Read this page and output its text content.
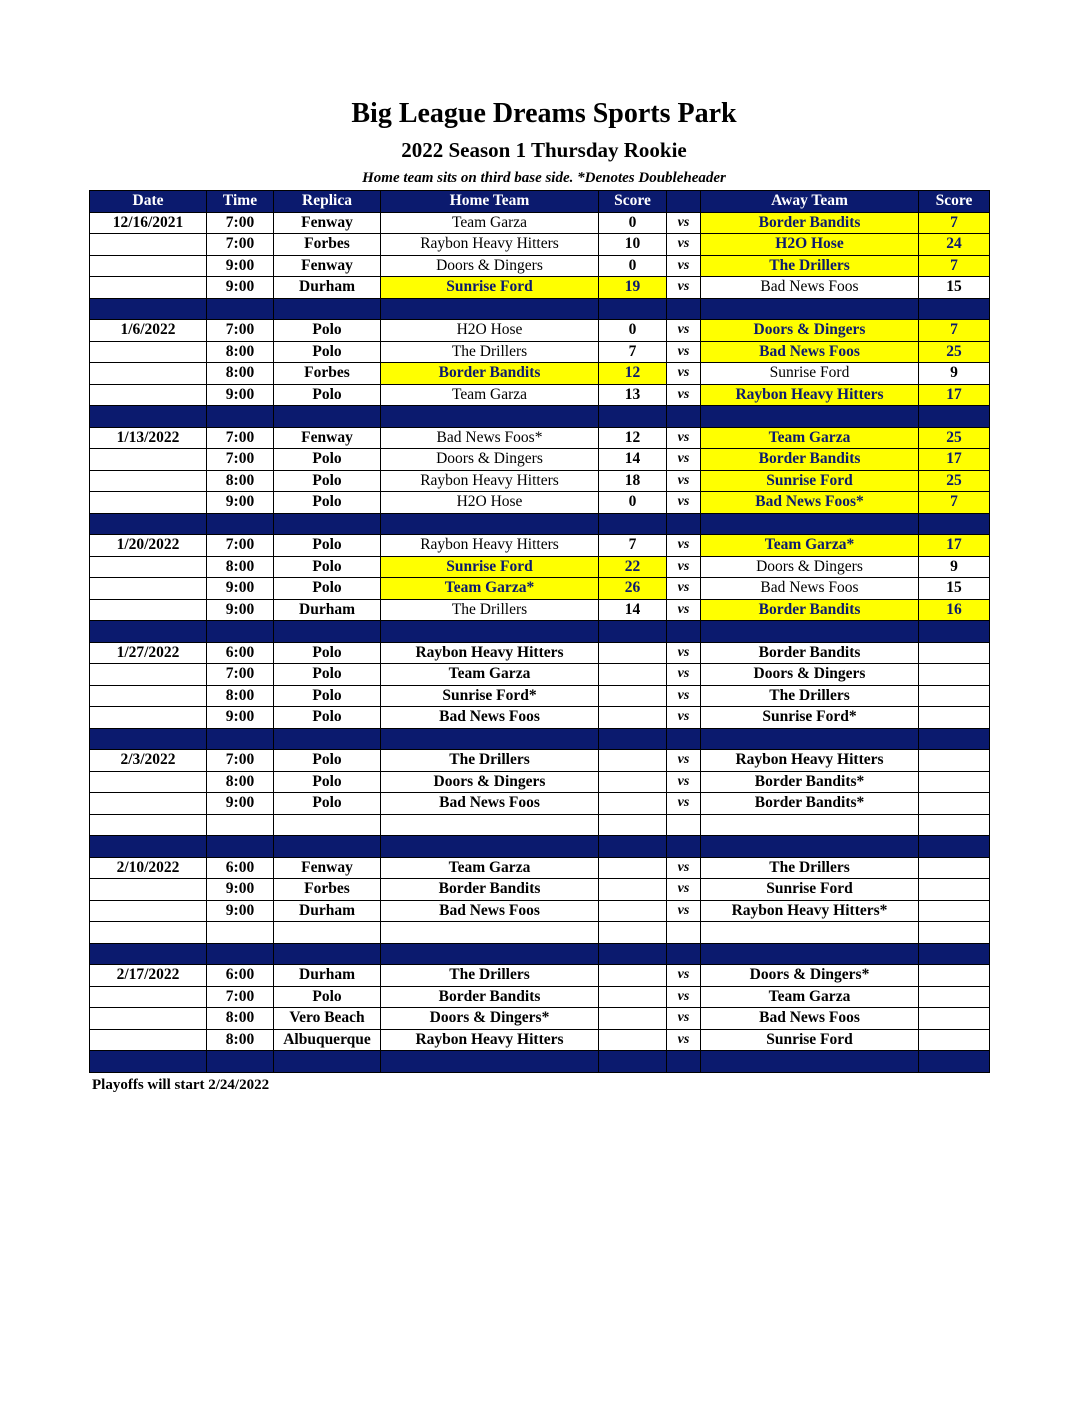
Big League Dreams Sports Park
2022 Season 1 Thursday Rookie
Home team sits on third base side. *Denotes Doubleheader
Date	Time	Replica	Home Team	Score		Away Team	Score
12/16/2021	7:00	Fenway	Team Garza	0	vs	Border Bandits	7
	7:00	Forbes	Raybon Heavy Hitters	10	vs	H2O Hose	24
	9:00	Fenway	Doors & Dingers	0	vs	The Drillers	7
	9:00	Durham	Sunrise Ford	19	vs	Bad News Foos	15

1/6/2022	7:00	Polo	H2O Hose	0	vs	Doors & Dingers	7
	8:00	Polo	The Drillers	7	vs	Bad News Foos	25
	8:00	Forbes	Border Bandits	12	vs	Sunrise Ford	9
	9:00	Polo	Team Garza	13	vs	Raybon Heavy Hitters	17

1/13/2022	7:00	Fenway	Bad News Foos*	12	vs	Team Garza	25
	7:00	Polo	Doors & Dingers	14	vs	Border Bandits	17
	8:00	Polo	Raybon Heavy Hitters	18	vs	Sunrise Ford	25
	9:00	Polo	H2O Hose	0	vs	Bad News Foos*	7

1/20/2022	7:00	Polo	Raybon Heavy Hitters	7	vs	Team Garza*	17
	8:00	Polo	Sunrise Ford	22	vs	Doors & Dingers	9
	9:00	Polo	Team Garza*	26	vs	Bad News Foos	15
	9:00	Durham	The Drillers	14	vs	Border Bandits	16

1/27/2022	6:00	Polo	Raybon Heavy Hitters		vs	Border Bandits	
	7:00	Polo	Team Garza		vs	Doors & Dingers	
	8:00	Polo	Sunrise Ford*		vs	The Drillers	
	9:00	Polo	Bad News Foos		vs	Sunrise Ford*	

2/3/2022	7:00	Polo	The Drillers		vs	Raybon Heavy Hitters	
	8:00	Polo	Doors & Dingers		vs	Border Bandits*	
	9:00	Polo	Bad News Foos		vs	Border Bandits*	

2/10/2022	6:00	Fenway	Team Garza		vs	The Drillers	
	9:00	Forbes	Border Bandits		vs	Sunrise Ford	
	9:00	Durham	Bad News Foos		vs	Raybon Heavy Hitters*	

2/17/2022	6:00	Durham	The Drillers		vs	Doors & Dingers*	
	7:00	Polo	Border Bandits		vs	Team Garza	
	8:00	Vero Beach	Doors & Dingers*		vs	Bad News Foos	
	8:00	Albuquerque	Raybon Heavy Hitters		vs	Sunrise Ford	

Playoffs will start 2/24/2022
